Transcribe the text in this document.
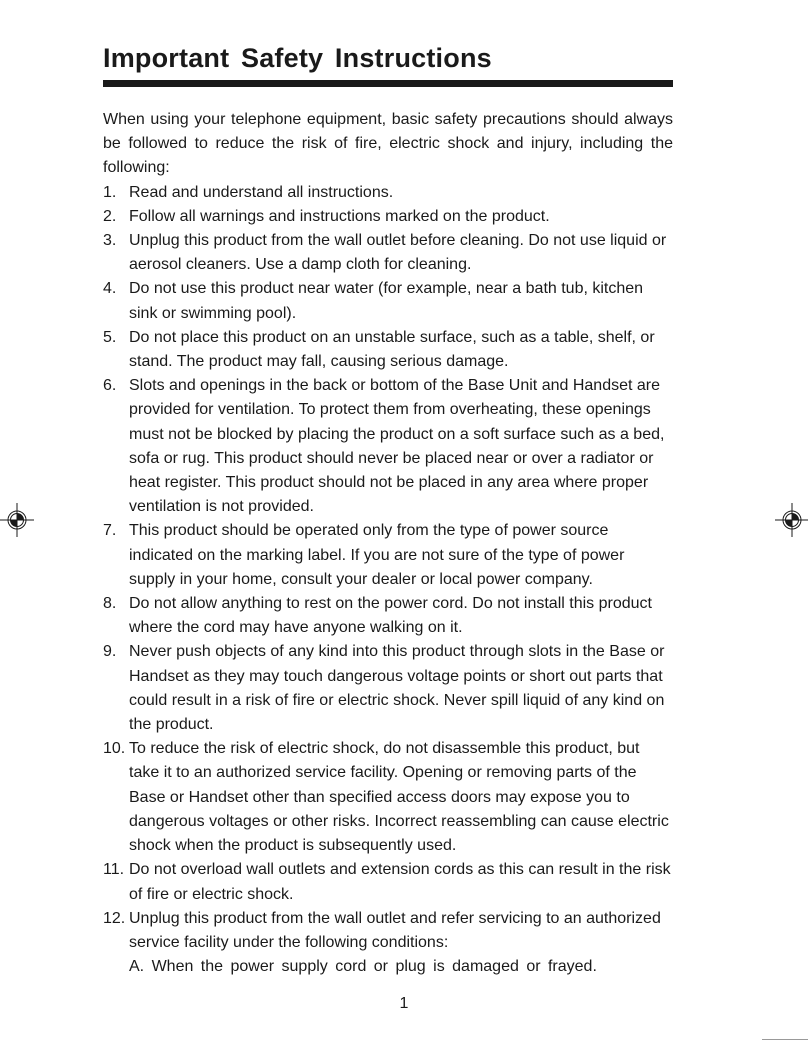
Important Safety Instructions

When using your telephone equipment, basic safety precautions should always be followed to reduce the risk of fire, electric shock and injury, including the following:

1. Read and understand all instructions.
2. Follow all warnings and instructions marked on the product.
3. Unplug this product from the wall outlet before cleaning. Do not use liquid or aerosol cleaners. Use a damp cloth for cleaning.
4. Do not use this product near water (for example, near a bath tub, kitchen sink or swimming pool).
5. Do not place this product on an unstable surface, such as a table, shelf, or stand. The product may fall, causing serious damage.
6. Slots and openings in the back or bottom of the Base Unit and Handset are provided for ventilation. To protect them from overheating, these openings must not be blocked by placing the product on a soft surface such as a bed, sofa or rug. This product should never be placed near or over a radiator or heat register. This product should not be placed in any area where proper ventilation is not provided.
7. This product should be operated only from the type of power source indicated on the marking label. If you are not sure of the type of power supply in your home, consult your dealer or local power company.
8. Do not allow anything to rest on the power cord. Do not install this product where the cord may have anyone walking on it.
9. Never push objects of any kind into this product through slots in the Base or Handset as they may touch dangerous voltage points or short out parts that could result in a risk of fire or electric shock. Never spill liquid of any kind on the product.
10. To reduce the risk of electric shock, do not disassemble this product, but take it to an authorized service facility. Opening or removing parts of the Base or Handset other than specified access doors may expose you to dangerous voltages or other risks. Incorrect reassembling can cause electric shock when the product is subsequently used.
11. Do not overload wall outlets and extension cords as this can result in the risk of fire or electric shock.
12. Unplug this product from the wall outlet and refer servicing to an authorized service facility under the following conditions:

A. When the power supply cord or plug is damaged or frayed.

1
